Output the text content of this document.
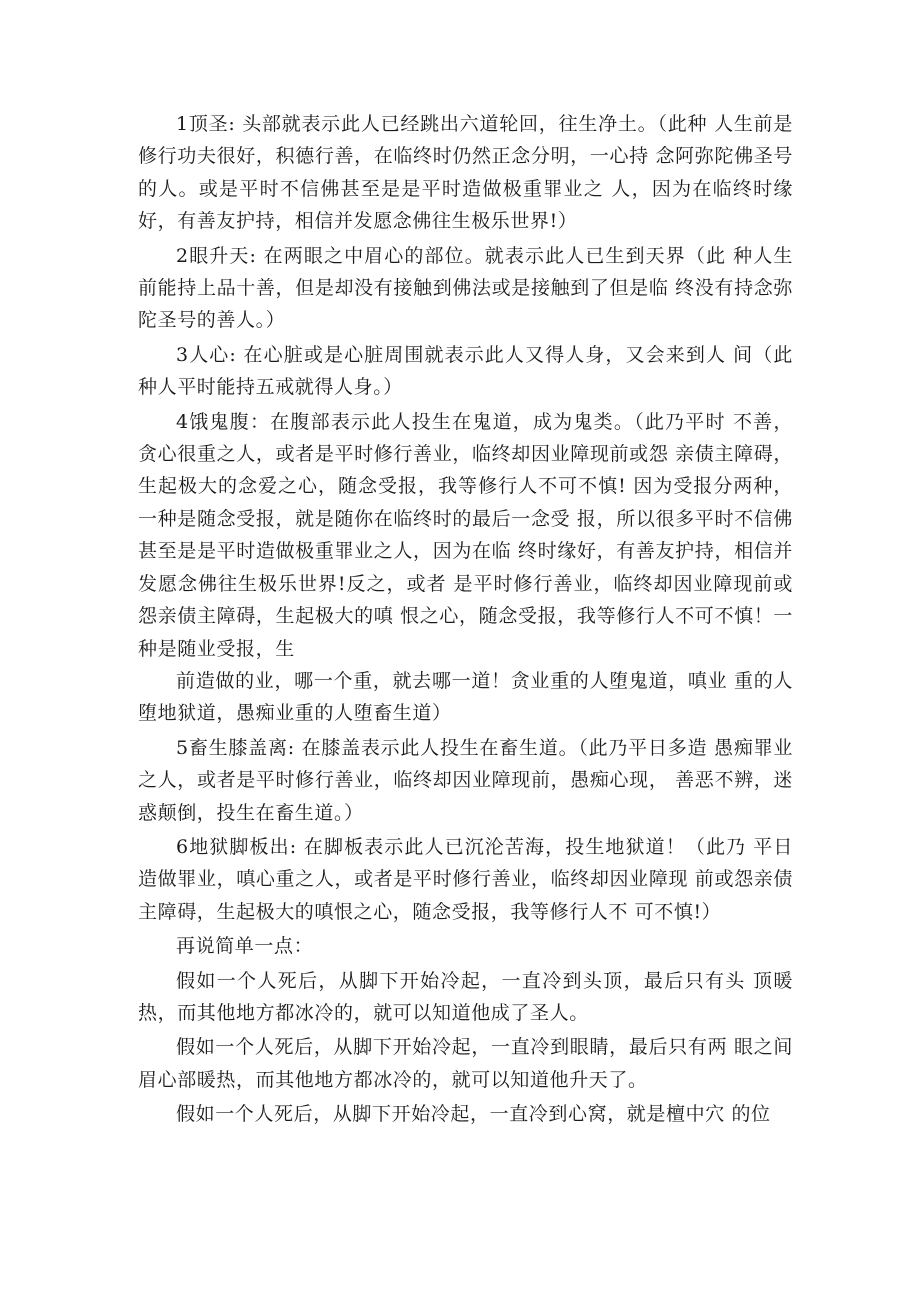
1顶圣: 头部就表示此人已经跳出六道轮回，往生净土。（此种 人生前是修行功夫很好，积德行善，在临终时仍然正念分明，一心持 念阿弥陀佛圣号的人。或是平时不信佛甚至是是平时造做极重罪业之 人，因为在临终时缘好，有善友护持，相信并发愿念佛往生极乐世界!）

2眼升天: 在两眼之中眉心的部位。就表示此人已生到天界（此 种人生前能持上品十善，但是却没有接触到佛法或是接触到了但是临 终没有持念弥陀圣号的善人。）

3人心: 在心脏或是心脏周围就表示此人又得人身，又会来到人 间（此种人平时能持五戒就得人身。）

4饿鬼腹：在腹部表示此人投生在鬼道，成为鬼类。（此乃平时 不善，贪心很重之人，或者是平时修行善业，临终却因业障现前或怨 亲债主障碍，生起极大的念爱之心，随念受报，我等修行人不可不慎! 因为受报分两种，一种是随念受报，就是随你在临终时的最后一念受 报，所以很多平时不信佛甚至是是平时造做极重罪业之人，因为在临 终时缘好，有善友护持，相信并发愿念佛往生极乐世界!反之，或者 是平时修行善业，临终却因业障现前或怨亲债主障碍，生起极大的嗔 恨之心，随念受报，我等修行人不可不慎！一种是随业受报，生

前造做的业，哪一个重，就去哪一道！贪业重的人堕鬼道，嗔业 重的人堕地狱道，愚痴业重的人堕畜生道）

5畜生膝盖离: 在膝盖表示此人投生在畜生道。（此乃平日多造 愚痴罪业之人，或者是平时修行善业，临终却因业障现前，愚痴心现， 善恶不辨，迷惑颠倒，投生在畜生道。）

6地狱脚板出: 在脚板表示此人已沉沦苦海，投生地狱道！（此乃 平日造做罪业，嗔心重之人，或者是平时修行善业，临终却因业障现 前或怨亲债主障碍，生起极大的嗔恨之心，随念受报，我等修行人不 可不慎!）

再说简单一点：

假如一个人死后，从脚下开始冷起，一直冷到头顶，最后只有头 顶暖热，而其他地方都冰冷的，就可以知道他成了圣人。

假如一个人死后，从脚下开始冷起，一直冷到眼睛，最后只有两 眼之间眉心部暖热，而其他地方都冰冷的，就可以知道他升天了。

假如一个人死后，从脚下开始冷起，一直冷到心窝，就是檀中穴 的位
